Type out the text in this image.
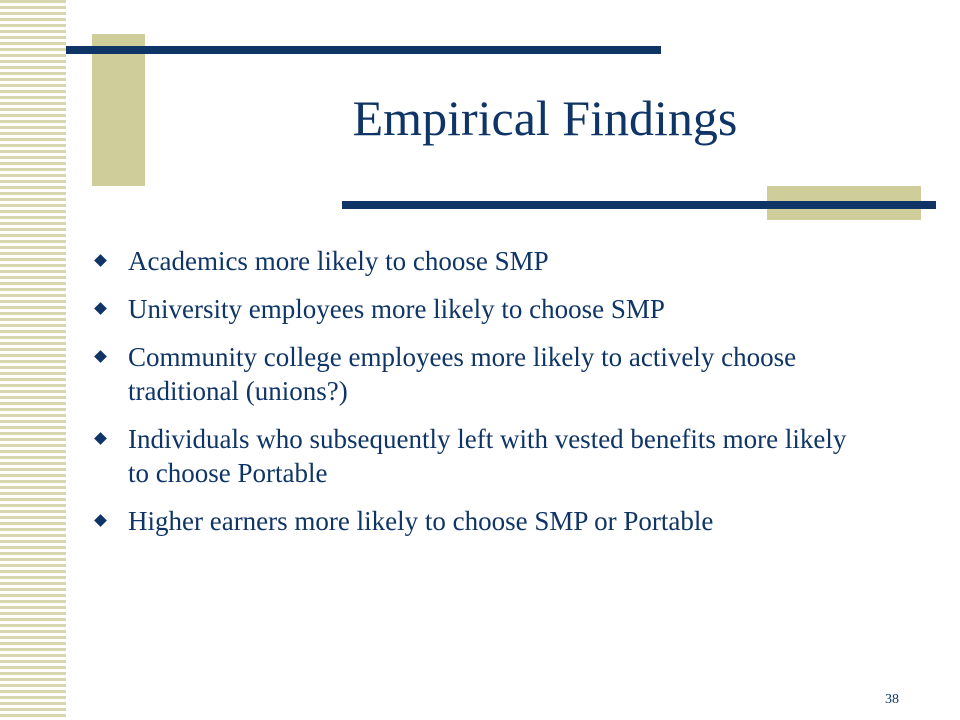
Empirical Findings
Academics more likely to choose SMP
University employees more likely to choose SMP
Community college employees more likely to actively choose traditional (unions?)
Individuals who subsequently left with vested benefits more likely to choose Portable
Higher earners more likely to choose SMP or Portable
38
